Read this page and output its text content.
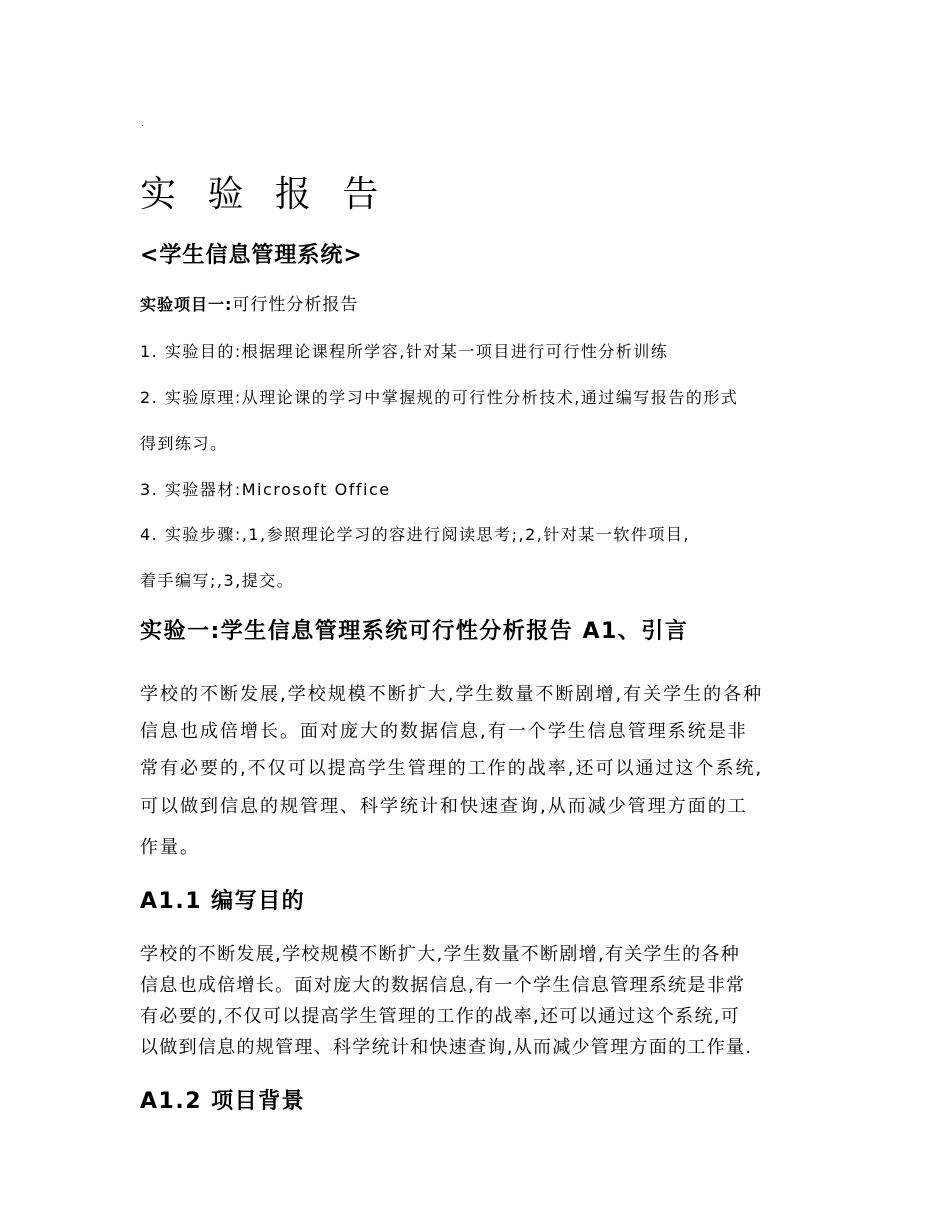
.
实 验 报 告
<学生信息管理系统>
实验项目一:可行性分析报告
1. 实验目的:根据理论课程所学容,针对某一项目进行可行性分析训练
2. 实验原理:从理论课的学习中掌握规的可行性分析技术,通过编写报告的形式
得到练习。
3. 实验器材:Microsoft Office
4. 实验步骤:,1,参照理论学习的容进行阅读思考;,2,针对某一软件项目,
着手编写;,3,提交。
实验一:学生信息管理系统可行性分析报告 A1、引言
学校的不断发展,学校规模不断扩大,学生数量不断剧增,有关学生的各种
信息也成倍增长。面对庞大的数据信息,有一个学生信息管理系统是非
常有必要的,不仅可以提高学生管理的工作的战率,还可以通过这个系统,
可以做到信息的规管理、科学统计和快速查询,从而减少管理方面的工
作量。
A1.1 编写目的
学校的不断发展,学校规模不断扩大,学生数量不断剧增,有关学生的各种
信息也成倍增长。面对庞大的数据信息,有一个学生信息管理系统是非常
有必要的,不仅可以提高学生管理的工作的战率,还可以通过这个系统,可
以做到信息的规管理、科学统计和快速查询,从而减少管理方面的工作量.
A1.2 项目背景
